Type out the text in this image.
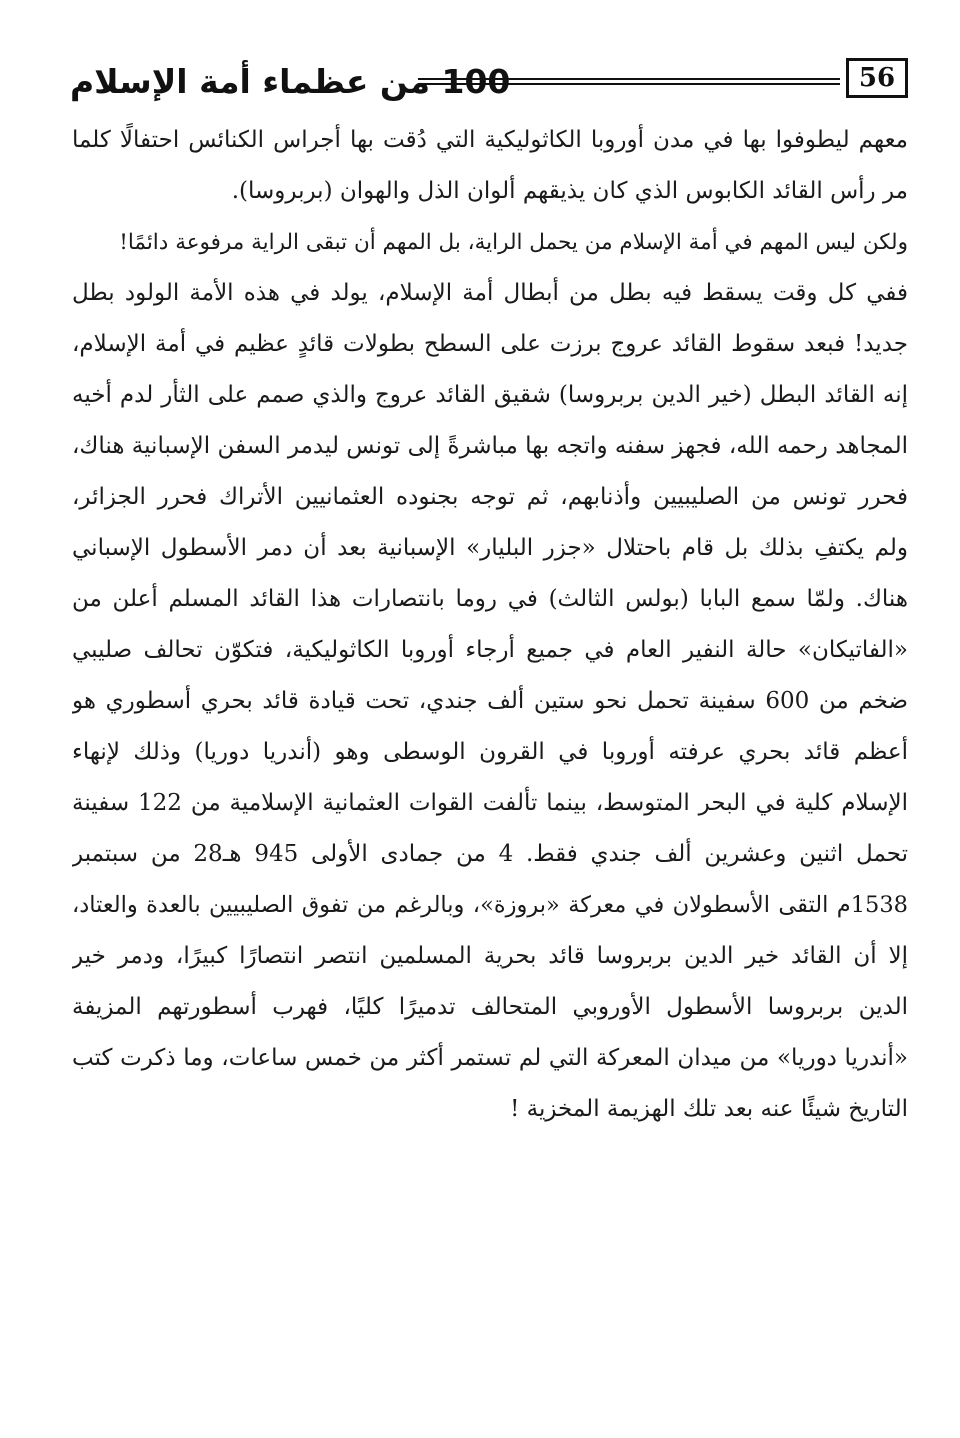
100 من عظماء أمة الإسلام	56
معهم ليطوفوا بها في مدن أوروبا الكاثوليكية التي دُقت بها أجراس الكنائس احتفالًا كلما
مر رأس القائد الكابوس الذي كان يذيقهم ألوان الذل والهوان (بربروسا).
ولكن ليس المهم في أمة الإسلام من يحمل الراية، بل المهم أن تبقى الراية مرفوعة دائمًا!
ففي كل وقت يسقط فيه بطل من أبطال أمة الإسلام، يولد في هذه الأمة الولود بطل
جديد! فبعد سقوط القائد عروج برزت على السطح بطولات قائدٍ عظيم في أمة الإسلام،
إنه القائد البطل (خير الدين بربروسا) شقيق القائد عروج والذي صمم على الثأر لدم أخيه
المجاهد رحمه الله، فجهز سفنه واتجه بها مباشرةً إلى تونس ليدمر السفن الإسبانية هناك،
فحرر تونس من الصليبيين وأذنابهم، ثم توجه بجنوده العثمانيين الأتراك فحرر الجزائر،
ولم يكتفِ بذلك بل قام باحتلال «جزر البليار» الإسبانية بعد أن دمر الأسطول الإسباني
هناك. ولمّا سمع البابا (بولس الثالث) في روما بانتصارات هذا القائد المسلم أعلن من
«الفاتيكان» حالة النفير العام في جميع أرجاء أوروبا الكاثوليكية، فتكوّن تحالف صليبي
ضخم من 600 سفينة تحمل نحو ستين ألف جندي، تحت قيادة قائد بحري أسطوري هو
أعظم قائد بحري عرفته أوروبا في القرون الوسطى وهو (أندريا دوريا) وذلك لإنهاء
الإسلام كلية في البحر المتوسط، بينما تألفت القوات العثمانية الإسلامية من 122 سفينة
تحمل اثنين وعشرين ألف جندي فقط. 4 من جمادى الأولى 945 هـ28 من سبتمبر
1538م التقى الأسطولان في معركة «بروزة»، وبالرغم من تفوق الصليبيين بالعدة والعتاد،
إلا أن القائد خير الدين بربروسا قائد بحرية المسلمين انتصر انتصارًا كبيرًا، ودمر خير
الدين بربروسا الأسطول الأوروبي المتحالف تدميرًا كليًا، فهرب أسطورتهم المزيفة
«أندريا دوريا» من ميدان المعركة التي لم تستمر أكثر من خمس ساعات، وما ذكرت كتب
التاريخ شيئًا عنه بعد تلك الهزيمة المخزية !
